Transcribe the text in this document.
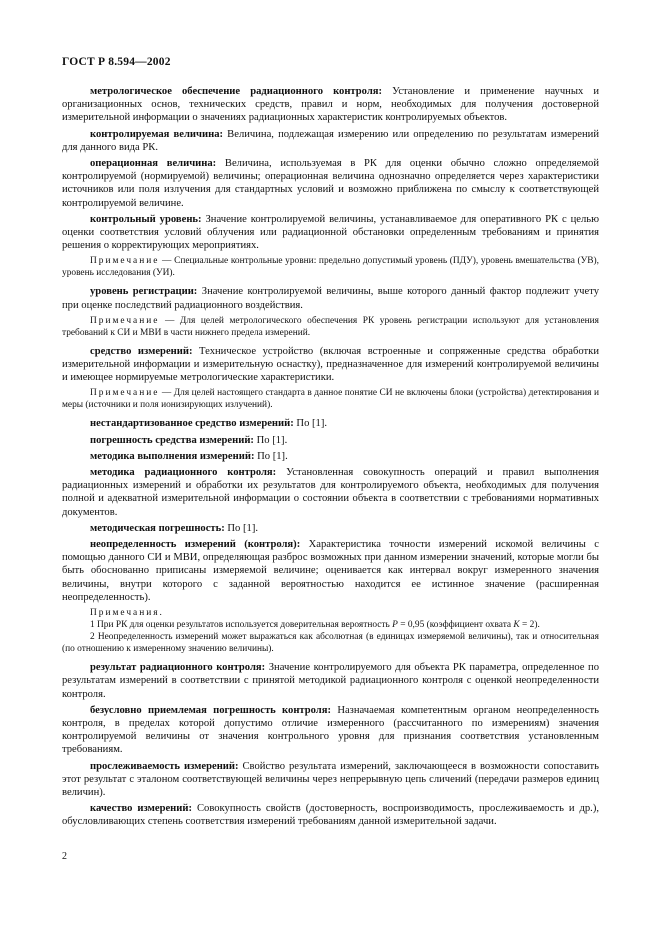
ГОСТ Р 8.594—2002

метрологическое обеспечение радиационного контроля: Установление и применение научных и организационных основ, технических средств, правил и норм, необходимых для получения достоверной измерительной информации о значениях радиационных характеристик контролируемых объектов.

контролируемая величина: Величина, подлежащая измерению или определению по результатам измерений для данного вида РК.

операционная величина: Величина, используемая в РК для оценки обычно сложно определяемой контролируемой (нормируемой) величины; операционная величина однозначно определяется через характеристики источников или поля излучения для стандартных условий и возможно приближена по смыслу к соответствующей контролируемой величине.

контрольный уровень: Значение контролируемой величины, устанавливаемое для оперативного РК с целью оценки соответствия условий облучения или радиационной обстановки определенным требованиям и принятия решения о корректирующих мероприятиях.

Примечание — Специальные контрольные уровни: предельно допустимый уровень (ПДУ), уровень вмешательства (УВ), уровень исследования (УИ).

уровень регистрации: Значение контролируемой величины, выше которого данный фактор подлежит учету при оценке последствий радиационного воздействия.

Примечание — Для целей метрологического обеспечения РК уровень регистрации используют для установления требований к СИ и МВИ в части нижнего предела измерений.

средство измерений: Техническое устройство (включая встроенные и сопряженные средства обработки измерительной информации и измерительную оснастку), предназначенное для измерений контролируемой величины и имеющее нормируемые метрологические характеристики.

Примечание — Для целей настоящего стандарта в данное понятие СИ не включены блоки (устройства) детектирования и меры (источники и поля ионизирующих излучений).

нестандартизованное средство измерений: По [1].

погрешность средства измерений: По [1].

методика выполнения измерений: По [1].

методика радиационного контроля: Установленная совокупность операций и правил выполнения радиационных измерений и обработки их результатов для контролируемого объекта, необходимых для получения полной и адекватной измерительной информации о состоянии объекта в соответствии с требованиями нормативных документов.

методическая погрешность: По [1].

неопределенность измерений (контроля): Характеристика точности измерений искомой величины с помощью данного СИ и МВИ, определяющая разброс возможных при данном измерении значений, которые могли бы быть обоснованно приписаны измеряемой величине; оценивается как интервал вокруг измеренного значения величины, внутри которого с заданной вероятностью находится ее истинное значение (расширенная неопределенность).

Примечания.

1 При РК для оценки результатов используется доверительная вероятность P = 0,95 (коэффициент охвата K = 2).

2 Неопределенность измерений может выражаться как абсолютная (в единицах измеряемой величины), так и относительная (по отношению к измеренному значению величины).

результат радиационного контроля: Значение контролируемого для объекта РК параметра, определенное по результатам измерений в соответствии с принятой методикой радиационного контроля с оценкой неопределенности контроля.

безусловно приемлемая погрешность контроля: Назначаемая компетентным органом неопределенность контроля, в пределах которой допустимо отличие измеренного (рассчитанного по измерениям) значения контролируемой величины от значения контрольного уровня для признания соответствия установленным требованиям.

прослеживаемость измерений: Свойство результата измерений, заключающееся в возможности сопоставить этот результат с эталоном соответствующей величины через непрерывную цепь сличений (передачи размеров единиц величин).

качество измерений: Совокупность свойств (достоверность, воспроизводимость, прослеживаемость и др.), обусловливающих степень соответствия измерений требованиям данной измерительной задачи.

2
